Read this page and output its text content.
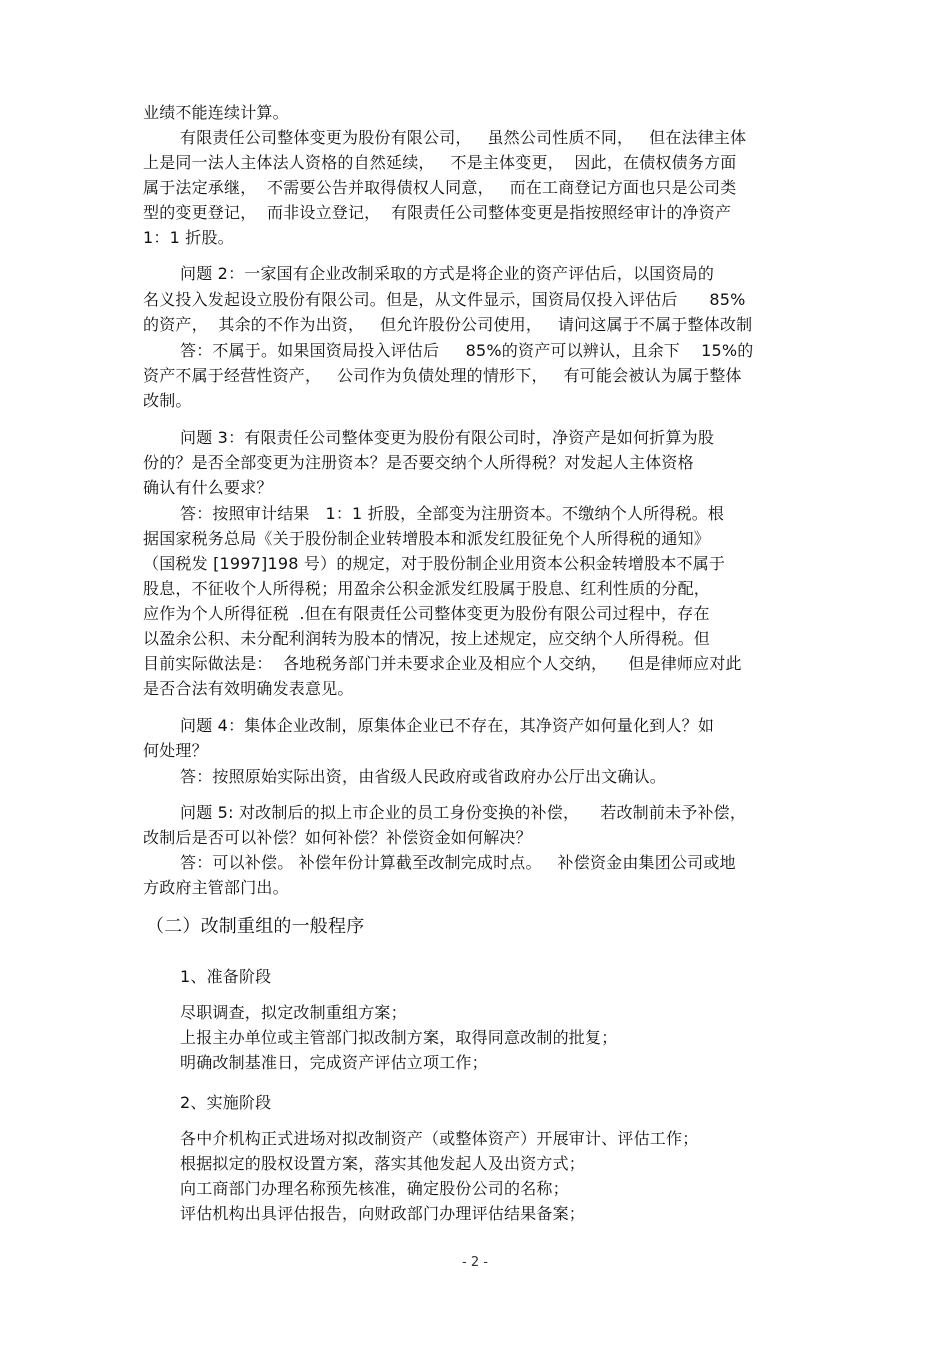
业绩不能连续计算。
有限责任公司整体变更为股份有限公司，   虽然公司性质不同，   但在法律主体
上是同一法人主体法人资格的自然延续，   不是主体变更，  因此，在债权债务方面
属于法定承继，  不需要公告并取得债权人同意，   而在工商登记方面也只是公司类
型的变更登记，  而非设立登记，  有限责任公司整体变更是指按照经审计的净资产
1：1 折股。
问题 2：一家国有企业改制采取的方式是将企业的资产评估后，以国资局的
名义投入发起设立股份有限公司。但是，从文件显示，国资局仅投入评估后      85%
的资产，  其余的不作为出资，   但允许股份公司使用，   请问这属于不属于整体改制
答：不属于。如果国资局投入评估后     85%的资产可以辨认，且余下    15%的
资产不属于经营性资产，   公司作为负债处理的情形下，   有可能会被认为属于整体
改制。
问题 3：有限责任公司整体变更为股份有限公司时，净资产是如何折算为股
份的？是否全部变更为注册资本？是否要交纳个人所得税？对发起人主体资格
确认有什么要求？
答：按照审计结果   1：1 折股，全部变为注册资本。不缴纳个人所得税。根
据国家税务总局《关于股份制企业转增股本和派发红股征免个人所得税的通知》
（国税发 [1997]198 号）的规定，对于股份制企业用资本公积金转增股本不属于
股息，不征收个人所得税；用盈余公积金派发红股属于股息、红利性质的分配，
应作为个人所得征税  .但在有限责任公司整体变更为股份有限公司过程中，存在
以盈余公积、未分配利润转为股本的情况，按上述规定，应交纳个人所得税。但
目前实际做法是：  各地税务部门并未要求企业及相应个人交纳，    但是律师应对此
是否合法有效明确发表意见。
问题 4：集体企业改制，原集体企业已不存在，其净资产如何量化到人？如
何处理？
答：按照原始实际出资，由省级人民政府或省政府办公厅出文确认。
问题 5: 对改制后的拟上市企业的员工身份变换的补偿，    若改制前未予补偿，
改制后是否可以补偿？如何补偿？补偿资金如何解决？
答：可以补偿。 补偿年份计算截至改制完成时点。   补偿资金由集团公司或地
方政府主管部门出。
（二）改制重组的一般程序
1、准备阶段
尽职调查，拟定改制重组方案；
上报主办单位或主管部门拟改制方案，取得同意改制的批复；
明确改制基准日，完成资产评估立项工作；
2、实施阶段
各中介机构正式进场对拟改制资产（或整体资产）开展审计、评估工作；
根据拟定的股权设置方案，落实其他发起人及出资方式；
向工商部门办理名称预先核准，确定股份公司的名称；
评估机构出具评估报告，向财政部门办理评估结果备案；
- 2 -
